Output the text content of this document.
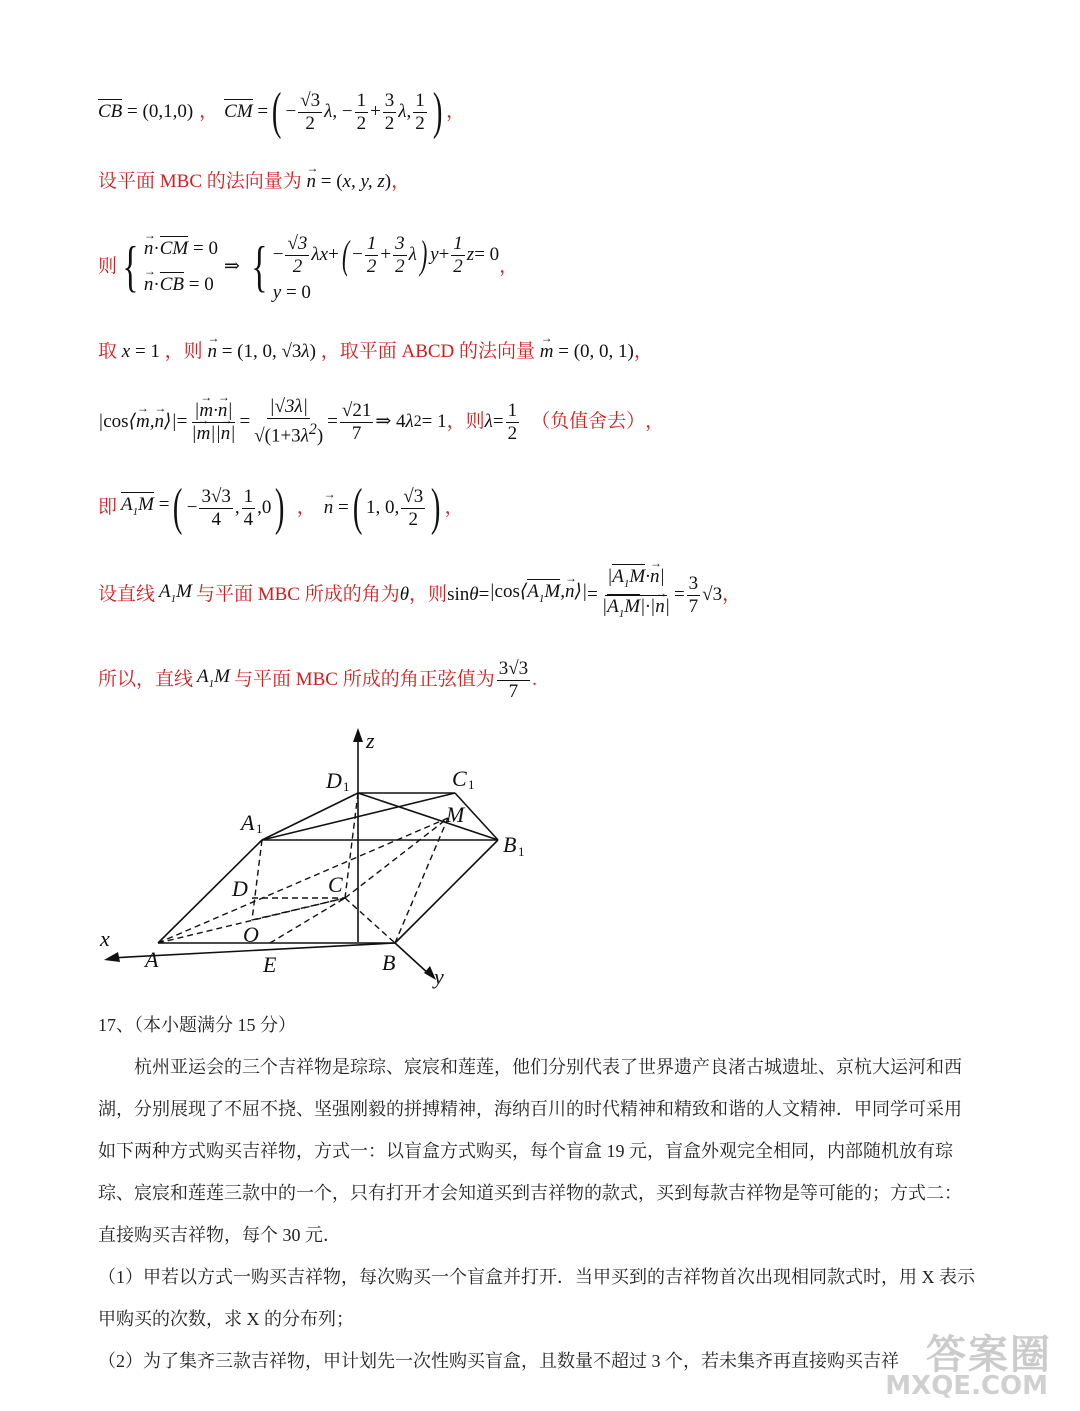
CB = (0,1,0) ， CM = ( − $\frac{√3}{2}$ λ , − $\frac{1}{2} + \frac{3}{2}$ λ , $\frac{1}{2}$ ) ，
设平面 MBC 的法向量为 → n = (x, y, z)，
则 { → n·CM = 0
→ n·CB = 0
⇒ { − $\frac{√3}{2}$ λx + ( − $\frac{1}{2} + \frac{3}{2}$ λ ) $y + \frac{1}{2}$ z = 0
y = 0
，
取 x = 1 ，则 → n = (1, 0, √3λ) ，取平面 ABCD 的法向量 → m = (0, 0, 1)，
|cos⟨→ m,→ n⟩| = $\frac{|\to m\cdot\to n|}{|\to m||\to n|} = \frac{|√3\lambda|}{√(1+3\lambda^2)} = \frac{√21}{7}$ ⇒ 4 λ 2 = 1 ，则 $\lambda = \frac{1}{2}$ （负值舍去） ，
即 $A_1M$ = ( − $\frac{3√3}{4}$ , $\frac{1}{4} ,0$ ) ， → n = ( 1, 0, $\frac{√3}{2}$ ) ，
设直线 $A_1M$ 与平面 MBC 所成的角为 θ ，则 $\sin \theta = |\cos⟨A_1M,\to$ n⟩| = $\frac{|A_1M\cdot\to n|}{|A_1M|\cdot|\to n|} = \frac{3}{7} √3$ ，
所以，直线 $A_1M$ 与平面 MBC 所成的角正弦值为 $\frac{3√3}{7}$ .
z
x
y
D	C
A
B
M
D	C
O
A	E	B
1	1
1
1

17、（本小题满分 15 分）

杭州亚运会的三个吉祥物是琮琮、宸宸和莲莲，他们分别代表了世界遗产良渚古城遗址、京杭大运河和西湖，分别展现了不屈不挠、坚强刚毅的拼搏精神，海纳百川的时代精神和精致和谐的人文精神．甲同学可采用如下两种方式购买吉祥物，方式一：以盲盒方式购买，每个盲盒 19 元，盲盒外观完全相同，内部随机放有琮琮、宸宸和莲莲三款中的一个，只有打开才会知道买到吉祥物的款式，买到每款吉祥物是等可能的；方式二：直接购买吉祥物，每个 30 元．

（1）甲若以方式一购买吉祥物，每次购买一个盲盒并打开．当甲买到的吉祥物首次出现相同款式时，用 X 表示甲购买的次数，求 X 的分布列；

（2）为了集齐三款吉祥物，甲计划先一次性购买盲盒，且数量不超过 3 个，若未集齐再直接购买吉祥 答案圈
MXQE.COM
